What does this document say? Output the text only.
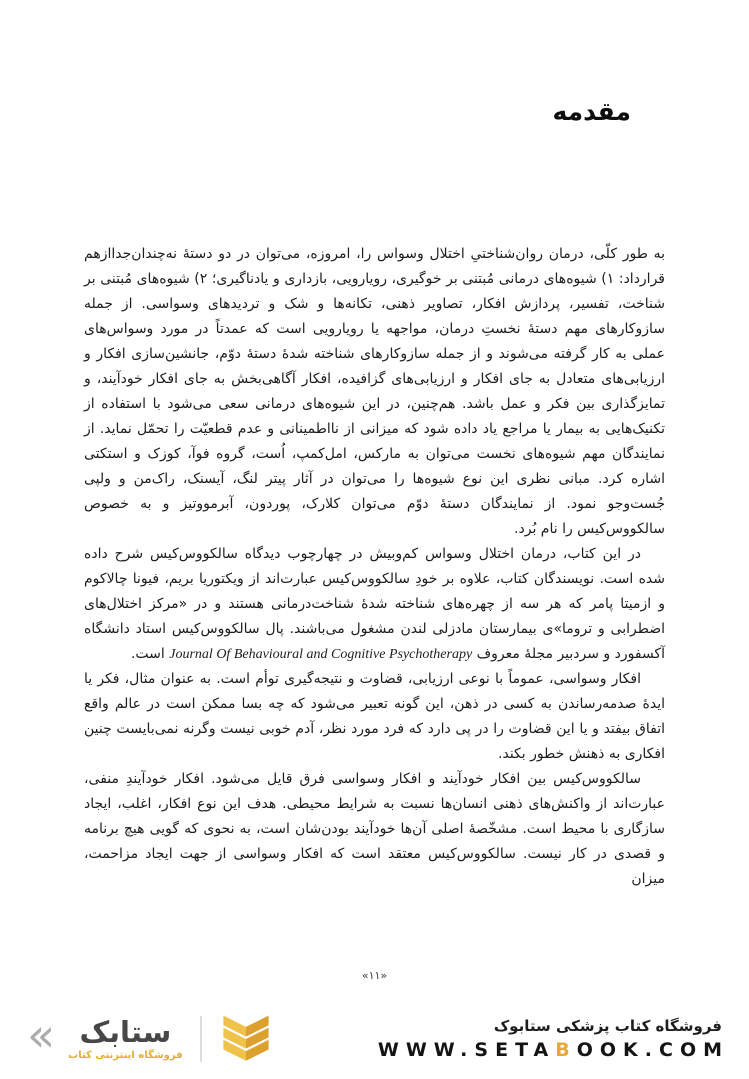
مقدمه

به طور کلّی، درمان روان‌شناختیِ اختلال وسواس را، امروزه، می‌توان در دو دستهٔ نه‌چندان‌جداازهم قرارداد: ۱) شیوه‌های درمانی مُبتنی بر خوگیری، رویارویی، بازداری و یادناگیری؛ ۲) شیوه‌های مُبتنی بر شناخت، تفسیر، پردازش افکار، تصاویر ذهنی، تکانه‌ها و شک و تردیدهای وسواسی. از جمله سازوکارهای مهم دستهٔ نخستِ درمان، مواجهه یا رویارویی است که عمدتاً در مورد وسواس‌های عملی به کار گرفته می‌شوند و از جمله سازوکارهای شناخته شدهٔ دستهٔ دوّم، جانشین‌سازی افکار و ارزیابی‌های متعادل به جای افکار و ارزیابی‌های گزافیده، افکار آگاهی‌بخش به جای افکار خودآیند، و تمایزگذاری بین فکر و عمل باشد. هم‌چنین، در این شیوه‌های درمانی سعی می‌شود با استفاده از تکنیک‌هایی به بیمار یا مراجع یاد داده شود که میزانی از نااطمینانی و عدم قطعیّت را تحمّل نماید. از نمایندگان مهم شیوه‌های نخست می‌توان به مارکس، امل‌کمپ، اُست، گروه فوآ، کوزک و استکتی اشاره کرد. مبانی نظری این نوع شیوه‌ها را می‌توان در آثار پیتر لنگ، آیسنک، راک‌من و ولپی جُست‌وجو نمود. از نمایندگان دستهٔ دوّم می‌توان کلارک، پوردون، آبرمووتیز و به خصوص سالکووس‌کیس را نام بُرد.

در این کتاب، درمان اختلال وسواس کم‌وبیش در چهارچوب دیدگاه سالکووس‌کیس شرح داده شده است. نویسندگان کتاب، علاوه بر خودِ سالکووس‌کیس عبارت‌اند از ویکتوریا بریم، فیونا چالاکوم و ازمیتا پامر که هر سه از چهره‌های شناخته شدهٔ شناخت‌درمانی هستند و در «مرکز اختلال‌های اضطرابی و تروما»ی بیمارستان مادزلی لندن مشغول می‌باشند. پال سالکووس‌کیس استاد دانشگاه آکسفورد و سردبیر مجلهٔ معروف Journal Of Behavioural and Cognitive Psychotherapy است.

افکار وسواسی، عموماً با نوعی ارزیابی، قضاوت و نتیجه‌گیری توأم است. به عنوان مثال، فکر یا ایدهٔ صدمه‌رساندن به کسی در ذهن، این گونه تعبیر می‌شود که چه بسا ممکن است در عالم واقع اتفاق بیفتد و یا این قضاوت را در پی دارد که فرد مورد نظر، آدم خوبی نیست وگرنه نمی‌بایست چنین افکاری به ذهنش خطور بکند.

سالکووس‌کیس بین افکار خودآیند و افکار وسواسی فرق قایل می‌شود. افکار خودآیندِ منفی، عبارت‌اند از واکنش‌های ذهنی انسان‌ها نسبت به شرایط محیطی. هدف این نوع افکار، اغلب، ایجاد سازگاری با محیط است. مشخّصهٔ اصلی آن‌ها خودآیند بودن‌شان است، به نحوی که گویی هیچ برنامه و قصدی در کار نیست. سالکووس‌کیس معتقد است که افکار وسواسی از جهت ایجاد مزاحمت، میزان

«۱۱»
« ستابک
فروشگاه اینترنتی کتاب
فروشگاه کتاب پزشکی ستابوک
WWW.SETABOOK.COM
